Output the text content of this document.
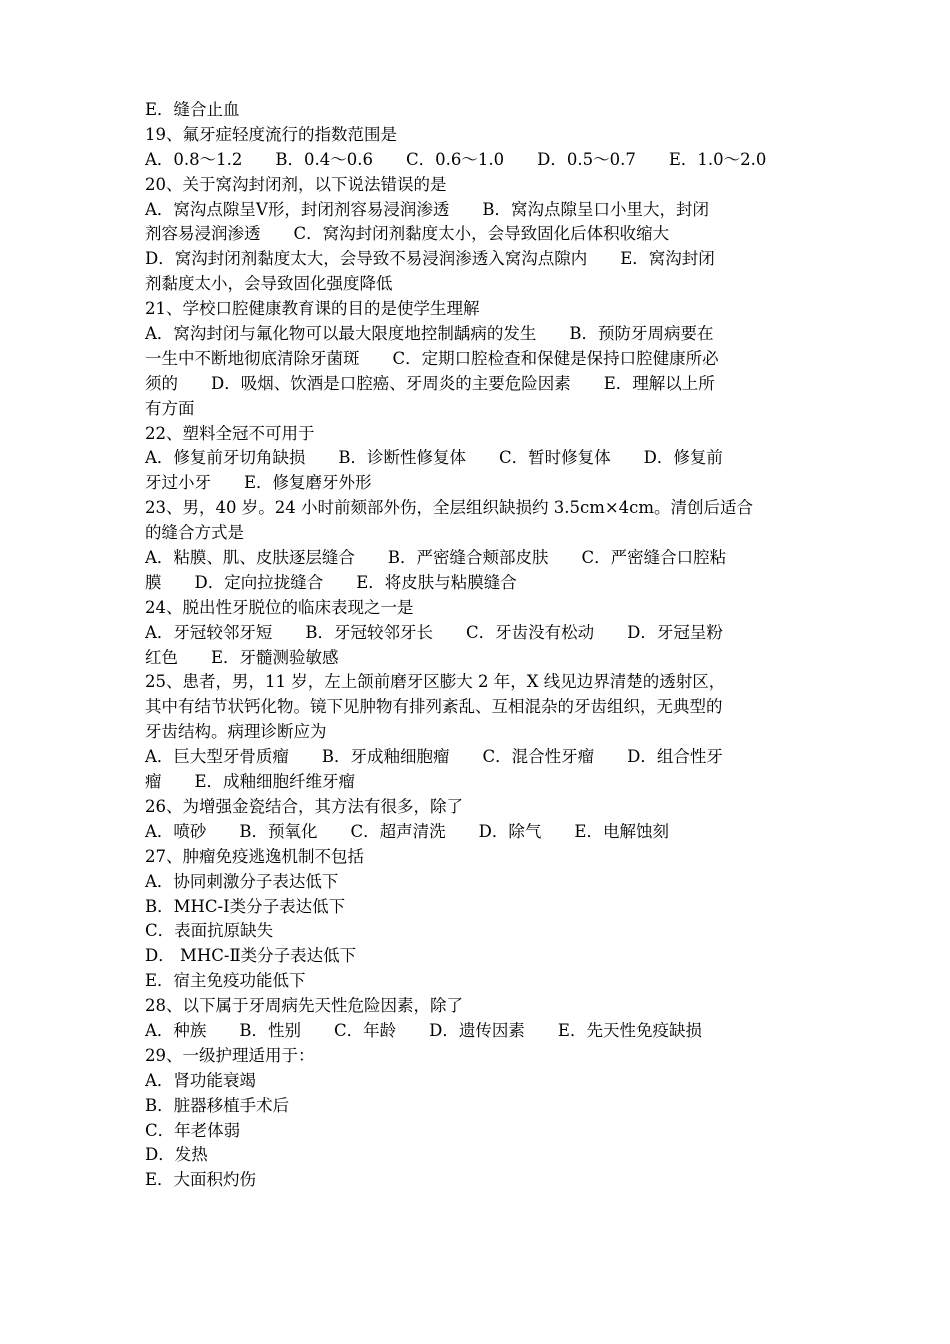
E．缝合止血
19、氟牙症轻度流行的指数范围是
A．0.8～1.2　　B．0.4～0.6　　C．0.6～1.0　　D．0.5～0.7　　E．1.0～2.0
20、关于窝沟封闭剂，以下说法错误的是
A．窝沟点隙呈Ⅴ形，封闭剂容易浸润渗透　　B．窝沟点隙呈口小里大，封闭
剂容易浸润渗透　　C．窝沟封闭剂黏度太小，会导致固化后体积收缩大
D．窝沟封闭剂黏度太大，会导致不易浸润渗透入窝沟点隙内　　E．窝沟封闭
剂黏度太小，会导致固化强度降低
21、学校口腔健康教育课的目的是使学生理解
A．窝沟封闭与氟化物可以最大限度地控制龋病的发生　　B．预防牙周病要在
一生中不断地彻底清除牙菌斑　　C．定期口腔检查和保健是保持口腔健康所必
须的　　D．吸烟、饮酒是口腔癌、牙周炎的主要危险因素　　E．理解以上所
有方面
22、塑料全冠不可用于
A．修复前牙切角缺损　　B．诊断性修复体　　C．暂时修复体　　D．修复前
牙过小牙　　E．修复磨牙外形
23、男，40 岁。24 小时前颏部外伤，全层组织缺损约 3.5cm×4cm。清创后适合
的缝合方式是
A．粘膜、肌、皮肤逐层缝合　　B．严密缝合颊部皮肤　　C．严密缝合口腔粘
膜　　D．定向拉拢缝合　　E．将皮肤与粘膜缝合
24、脱出性牙脱位的临床表现之一是
A．牙冠较邻牙短　　B．牙冠较邻牙长　　C．牙齿没有松动　　D．牙冠呈粉
红色　　E．牙髓测验敏感
25、患者，男，11 岁，左上颌前磨牙区膨大 2 年，X 线见边界清楚的透射区，
其中有结节状钙化物。镜下见肿物有排列紊乱、互相混杂的牙齿组织，无典型的
牙齿结构。病理诊断应为
A．巨大型牙骨质瘤　　B．牙成釉细胞瘤　　C．混合性牙瘤　　D．组合性牙
瘤　　E．成釉细胞纤维牙瘤
26、为增强金瓷结合，其方法有很多，除了
A．喷砂　　B．预氧化　　C．超声清洗　　D．除气　　E．电解蚀刻
27、肿瘤免疫逃逸机制不包括
A．协同刺激分子表达低下
B．MHC-Ⅰ类分子表达低下
C．表面抗原缺失
D． MHC-Ⅱ类分子表达低下
E．宿主免疫功能低下
28、以下属于牙周病先天性危险因素，除了
A．种族　　B．性别　　C．年龄　　D．遗传因素　　E．先天性免疫缺损
29、一级护理适用于：
A．肾功能衰竭
B．脏器移植手术后
C．年老体弱
D．发热
E．大面积灼伤
